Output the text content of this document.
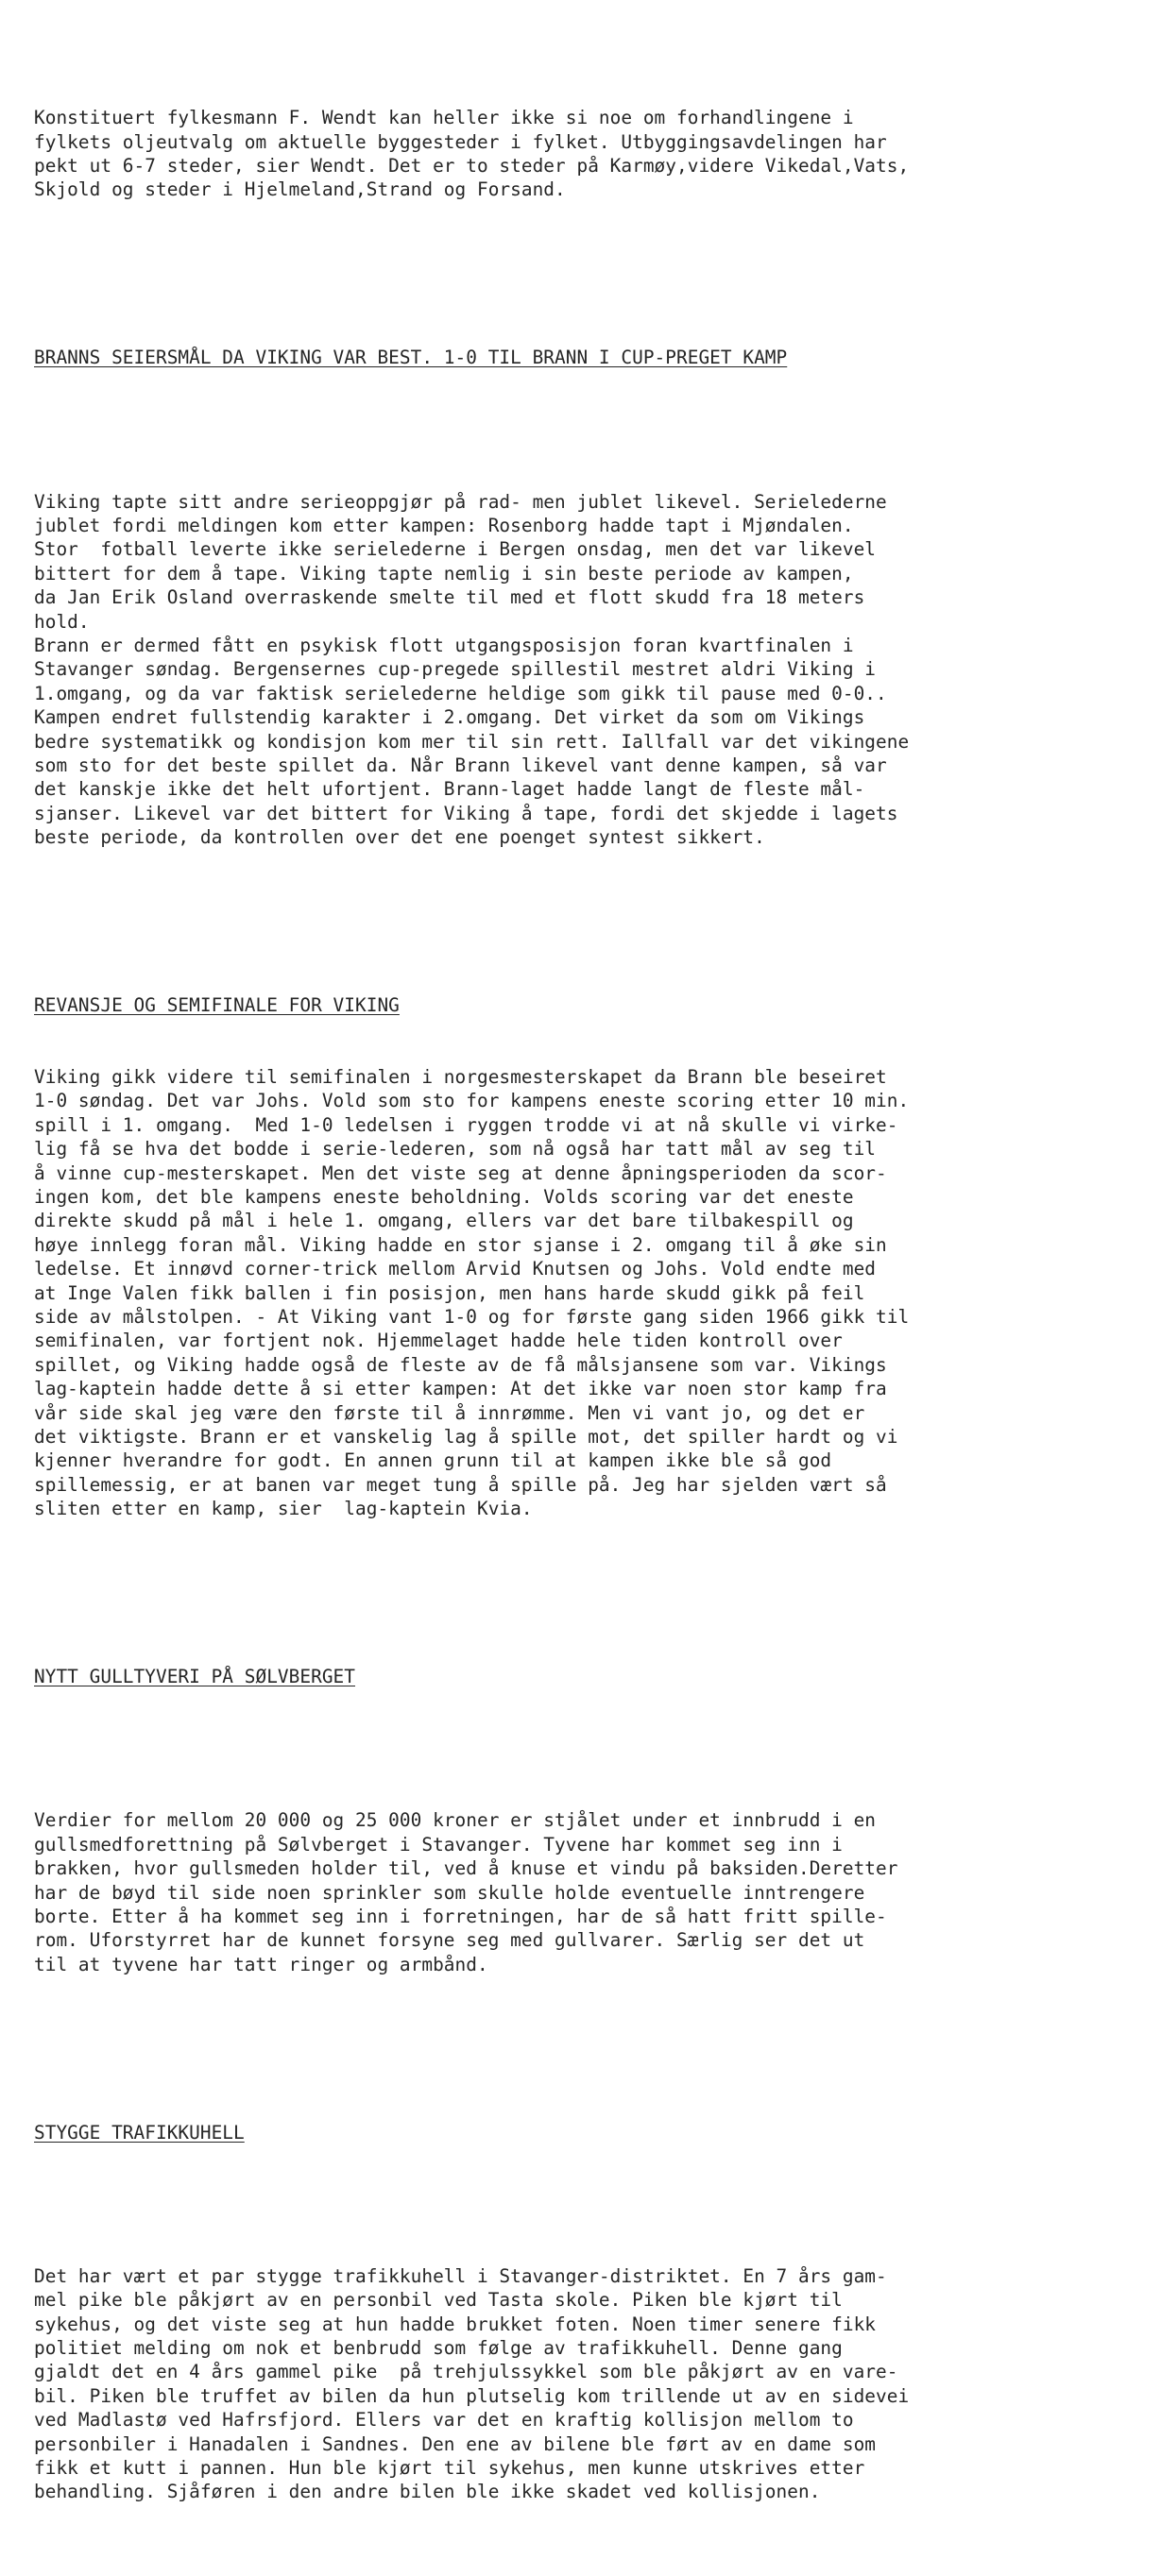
Konstituert fylkesmann F. Wendt kan heller ikke si noe om forhandlingene i
fylkets oljeutvalg om aktuelle byggesteder i fylket. Utbyggingsavdelingen har
pekt ut 6-7 steder, sier Wendt. Det er to steder på Karmøy,videre Vikedal,Vats,
Skjold og steder i Hjelmeland,Strand og Forsand.

BRANNS SEIERSMÅL DA VIKING VAR BEST. 1-0 TIL BRANN I CUP-PREGET KAMP

Viking tapte sitt andre serieoppgjør på rad- men jublet likevel. Serielederne
jublet fordi meldingen kom etter kampen: Rosenborg hadde tapt i Mjøndalen.
Stor  fotball leverte ikke serielederne i Bergen onsdag, men det var likevel
bittert for dem å tape. Viking tapte nemlig i sin beste periode av kampen,
da Jan Erik Osland overraskende smelte til med et flott skudd fra 18 meters
hold.
Brann er dermed fått en psykisk flott utgangsposisjon foran kvartfinalen i
Stavanger søndag. Bergensernes cup-pregede spillestil mestret aldri Viking i
1.omgang, og da var faktisk serielederne heldige som gikk til pause med 0-0..
Kampen endret fullstendig karakter i 2.omgang. Det virket da som om Vikings
bedre systematikk og kondisjon kom mer til sin rett. Iallfall var det vikingene
som sto for det beste spillet da. Når Brann likevel vant denne kampen, så var
det kanskje ikke det helt ufortjent. Brann-laget hadde langt de fleste mål-
sjanser. Likevel var det bittert for Viking å tape, fordi det skjedde i lagets
beste periode, da kontrollen over det ene poenget syntest sikkert.

REVANSJE OG SEMIFINALE FOR VIKING

Viking gikk videre til semifinalen i norgesmesterskapet da Brann ble beseiret
1-0 søndag. Det var Johs. Vold som sto for kampens eneste scoring etter 10 min.
spill i 1. omgang.  Med 1-0 ledelsen i ryggen trodde vi at nå skulle vi virke-
lig få se hva det bodde i serie-lederen, som nå også har tatt mål av seg til
å vinne cup-mesterskapet. Men det viste seg at denne åpningsperioden da scor-
ingen kom, det ble kampens eneste beholdning. Volds scoring var det eneste
direkte skudd på mål i hele 1. omgang, ellers var det bare tilbakespill og
høye innlegg foran mål. Viking hadde en stor sjanse i 2. omgang til å øke sin
ledelse. Et innøvd corner-trick mellom Arvid Knutsen og Johs. Vold endte med
at Inge Valen fikk ballen i fin posisjon, men hans harde skudd gikk på feil
side av målstolpen. - At Viking vant 1-0 og for første gang siden 1966 gikk til
semifinalen, var fortjent nok. Hjemmelaget hadde hele tiden kontroll over
spillet, og Viking hadde også de fleste av de få målsjansene som var. Vikings
lag-kaptein hadde dette å si etter kampen: At det ikke var noen stor kamp fra
vår side skal jeg være den første til å innrømme. Men vi vant jo, og det er
det viktigste. Brann er et vanskelig lag å spille mot, det spiller hardt og vi
kjenner hverandre for godt. En annen grunn til at kampen ikke ble så god
spillemessig, er at banen var meget tung å spille på. Jeg har sjelden vært så
sliten etter en kamp, sier  lag-kaptein Kvia.

NYTT GULLTYVERI PÅ SØLVBERGET

Verdier for mellom 20 000 og 25 000 kroner er stjålet under et innbrudd i en
gullsmedforettning på Sølvberget i Stavanger. Tyvene har kommet seg inn i
brakken, hvor gullsmeden holder til, ved å knuse et vindu på baksiden.Deretter
har de bøyd til side noen sprinkler som skulle holde eventuelle inntrengere
borte. Etter å ha kommet seg inn i forretningen, har de så hatt fritt spille-
rom. Uforstyrret har de kunnet forsyne seg med gullvarer. Særlig ser det ut
til at tyvene har tatt ringer og armbånd.

STYGGE TRAFIKKUHELL

Det har vært et par stygge trafikkuhell i Stavanger-distriktet. En 7 års gam-
mel pike ble påkjørt av en personbil ved Tasta skole. Piken ble kjørt til
sykehus, og det viste seg at hun hadde brukket foten. Noen timer senere fikk
politiet melding om nok et benbrudd som følge av trafikkuhell. Denne gang
gjaldt det en 4 års gammel pike  på trehjulssykkel som ble påkjørt av en vare-
bil. Piken ble truffet av bilen da hun plutselig kom trillende ut av en sidevei
ved Madlastø ved Hafrsfjord. Ellers var det en kraftig kollisjon mellom to
personbiler i Hanadalen i Sandnes. Den ene av bilene ble ført av en dame som
fikk et kutt i pannen. Hun ble kjørt til sykehus, men kunne utskrives etter
behandling. Sjåføren i den andre bilen ble ikke skadet ved kollisjonen.
